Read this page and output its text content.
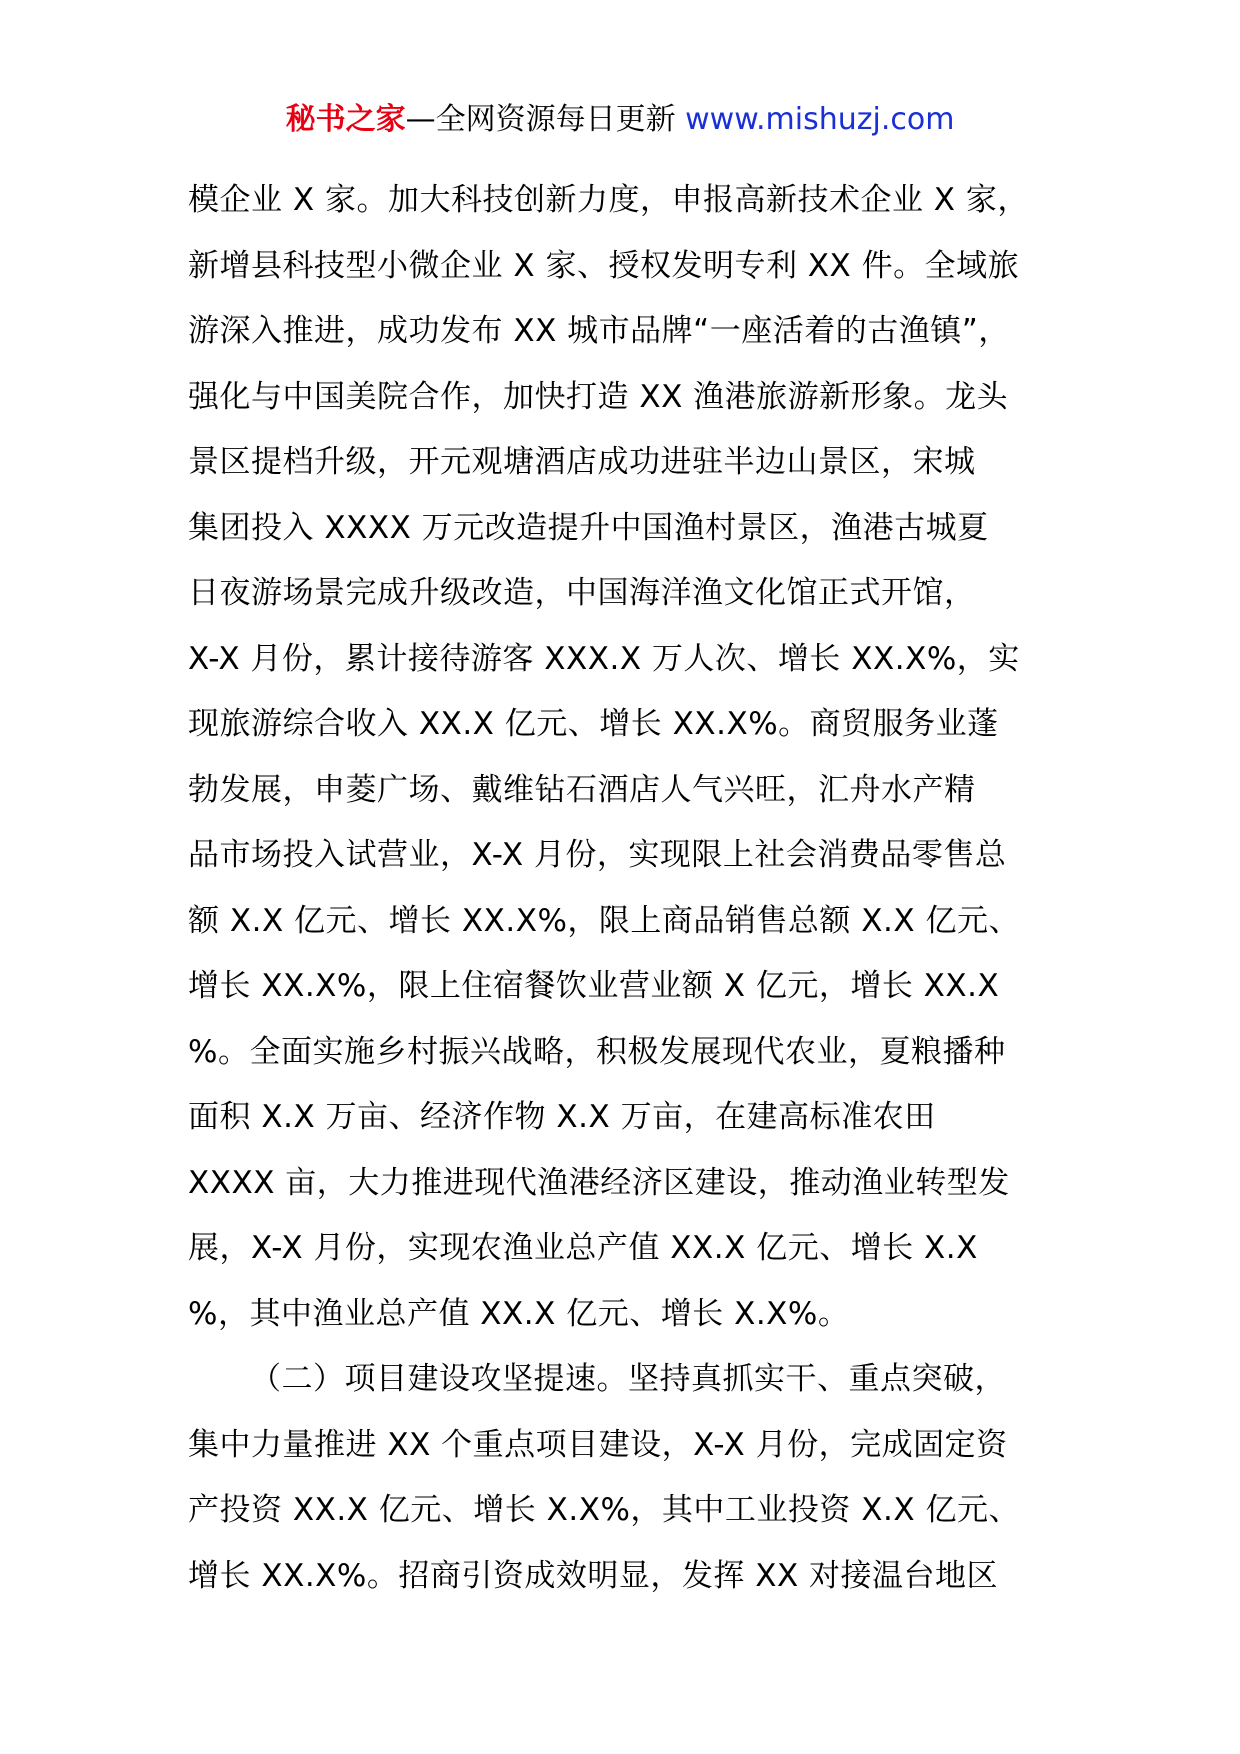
秘书之家—全网资源每日更新 www.mishuzj.com
模企业 X 家。加大科技创新力度，申报高新技术企业 X 家，
新增县科技型小微企业 X 家、授权发明专利 XX 件。全域旅
游深入推进，成功发布 XX 城市品牌“一座活着的古渔镇”，
强化与中国美院合作，加快打造 XX 渔港旅游新形象。龙头
景区提档升级，开元观塘酒店成功进驻半边山景区，宋城
集团投入 XXXX 万元改造提升中国渔村景区，渔港古城夏
日夜游场景完成升级改造，中国海洋渔文化馆正式开馆，
X-X 月份，累计接待游客 XXX.X 万人次、增长 XX.X%，实
现旅游综合收入 XX.X 亿元、增长 XX.X%。商贸服务业蓬
勃发展，申菱广场、戴维钻石酒店人气兴旺，汇舟水产精
品市场投入试营业，X-X 月份，实现限上社会消费品零售总
额 X.X 亿元、增长 XX.X%，限上商品销售总额 X.X 亿元、
增长 XX.X%，限上住宿餐饮业营业额 X 亿元，增长 XX.X
%。全面实施乡村振兴战略，积极发展现代农业，夏粮播种
面积 X.X 万亩、经济作物 X.X 万亩，在建高标准农田
XXXX 亩，大力推进现代渔港经济区建设，推动渔业转型发
展，X-X 月份，实现农渔业总产值 XX.X 亿元、增长 X.X
%，其中渔业总产值 XX.X 亿元、增长 X.X%。
（二）项目建设攻坚提速。坚持真抓实干、重点突破，
集中力量推进 XX 个重点项目建设，X-X 月份，完成固定资
产投资 XX.X 亿元、增长 X.X%，其中工业投资 X.X 亿元、
增长 XX.X%。招商引资成效明显，发挥 XX 对接温台地区
